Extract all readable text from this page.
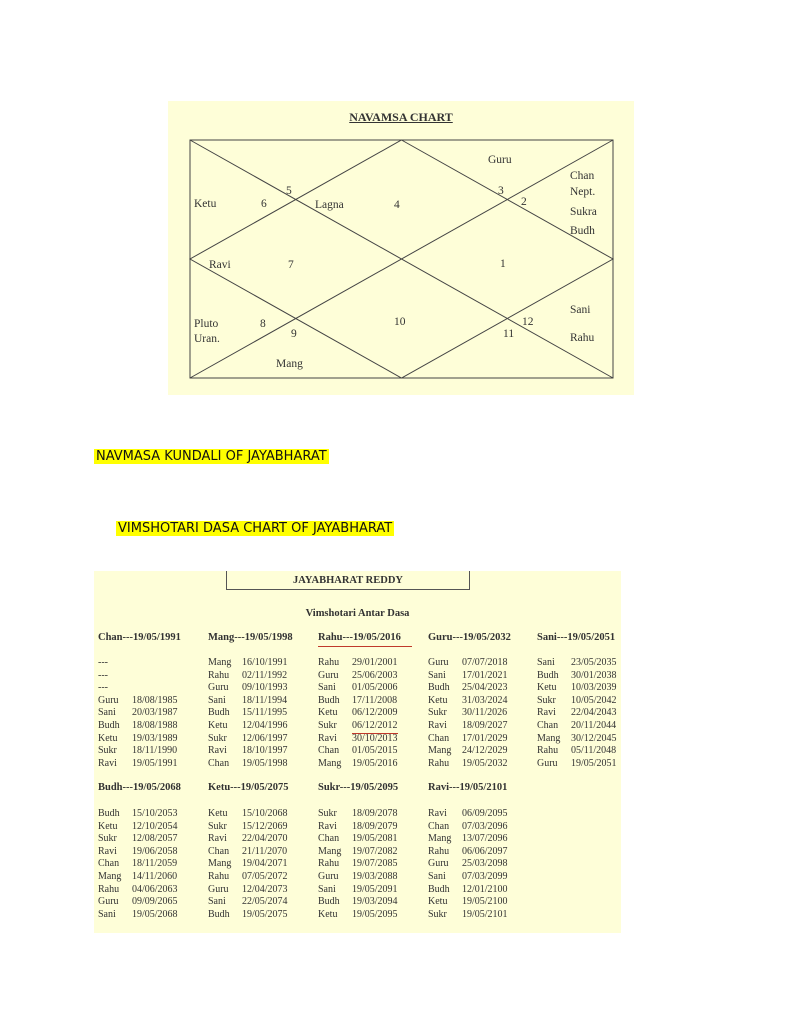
NAVAMSA CHART
Guru
Chan
Nept.
Sukra
Budh
Ketu	Lagna
Ravi
Pluto
Uran.
Mang
Sani
Rahu
1
2
3
4
5
6
7
8
9
10
11
12
NAVMASA KUNDALI OF JAYABHARAT
VIMSHOTARI DASA CHART OF JAYABHARAT
JAYABHARAT REDDY
Vimshotari Antar Dasa
Chan---19/05/1991
---
---
---
Guru 18/08/1985
Sani 20/03/1987
Budh 18/08/1988
Ketu 19/03/1989
Sukr 18/11/1990
Ravi 19/05/1991
Mang---19/05/1998
Mang 16/10/1991
Rahu 02/11/1992
Guru 09/10/1993
Sani 18/11/1994
Budh 15/11/1995
Ketu 12/04/1996
Sukr 12/06/1997
Ravi 18/10/1997
Chan 19/05/1998
Rahu---19/05/2016
Rahu 29/01/2001
Guru 25/06/2003
Sani 01/05/2006
Budh 17/11/2008
Ketu 06/12/2009
Sukr 06/12/2012
Ravi 30/10/2013
Chan 01/05/2015
Mang 19/05/2016
Guru---19/05/2032
Guru 07/07/2018
Sani 17/01/2021
Budh 25/04/2023
Ketu 31/03/2024
Sukr 30/11/2026
Ravi 18/09/2027
Chan 17/01/2029
Mang 24/12/2029
Rahu 19/05/2032
Sani---19/05/2051
Sani 23/05/2035
Budh 30/01/2038
Ketu 10/03/2039
Sukr 10/05/2042
Ravi 22/04/2043
Chan 20/11/2044
Mang 30/12/2045
Rahu 05/11/2048
Guru 19/05/2051
Budh---19/05/2068
Budh 15/10/2053
Ketu 12/10/2054
Sukr 12/08/2057
Ravi 19/06/2058
Chan 18/11/2059
Mang 14/11/2060
Rahu 04/06/2063
Guru 09/09/2065
Sani 19/05/2068
Ketu---19/05/2075
Ketu 15/10/2068
Sukr 15/12/2069
Ravi 22/04/2070
Chan 21/11/2070
Mang 19/04/2071
Rahu 07/05/2072
Guru 12/04/2073
Sani 22/05/2074
Budh 19/05/2075
Sukr---19/05/2095
Sukr 18/09/2078
Ravi 18/09/2079
Chan 19/05/2081
Mang 19/07/2082
Rahu 19/07/2085
Guru 19/03/2088
Sani 19/05/2091
Budh 19/03/2094
Ketu 19/05/2095
Ravi---19/05/2101
Ravi 06/09/2095
Chan 07/03/2096
Mang 13/07/2096
Rahu 06/06/2097
Guru 25/03/2098
Sani 07/03/2099
Budh 12/01/2100
Ketu 19/05/2100
Sukr 19/05/2101
